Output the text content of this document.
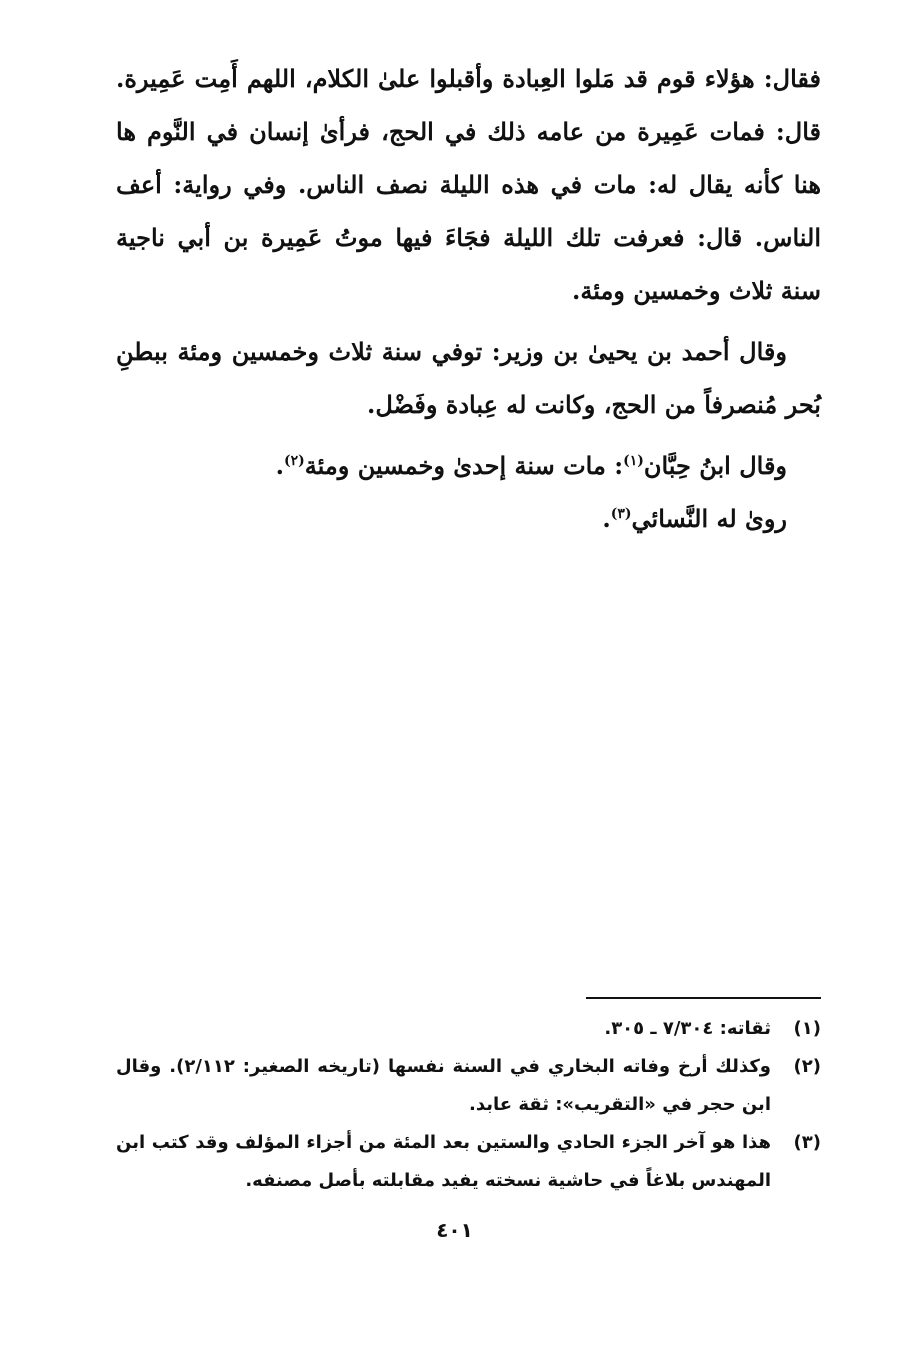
فقال: هؤلاء قوم قد مَلوا العِبادة وأقبلوا علىٰ الكلام، اللهم أَمِت عَمِيرة. قال: فمات عَمِيرة من عامه ذلك في الحج، فرأىٰ إنسان في النَّوم ها هنا كأنه يقال له: مات في هذه الليلة نصف الناس. وفي رواية: أعف الناس. قال: فعرفت تلك الليلة فجَاءَ فيها موتُ عَمِيرة بن أبي ناجية سنة ثلاث وخمسين ومئة.

وقال أحمد بن يحيىٰ بن وزير: توفي سنة ثلاث وخمسين ومئة ببطنِ بُحر مُنصرفاً من الحج، وكانت له عِبادة وفَضْل.

وقال ابنُ حِبَّان$^{(١)}$: مات سنة إحدىٰ وخمسين ومئة$^{(٢)}$.

روىٰ له النَّسائي$^{(٣)}$.

(١)
ثقاته: ٧/٣٠٤ ـ ٣٠٥.
(٢)
وكذلك أرخ وفاته البخاري في السنة نفسها (تاريخه الصغير: ٢/١١٢). وقال ابن حجر في «التقريب»: ثقة عابد.
(٣)
هذا هو آخر الجزء الحادي والستين بعد المئة من أجزاء المؤلف وقد كتب ابن المهندس بلاغاً في حاشية نسخته يفيد مقابلته بأصل مصنفه.
٤٠١
